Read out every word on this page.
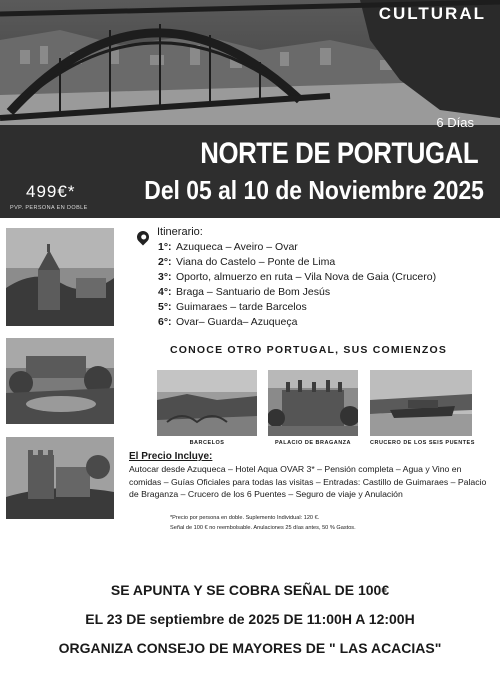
CULTURAL
6 Días
NORTE DE PORTUGAL
Del 05 al 10 de Noviembre 2025
499€*
PVP. PERSONA EN DOBLE
Itinerario:
1°: Azuqueca – Aveiro – Ovar
2°: Viana do Castelo – Ponte de Lima
3°: Oporto, almuerzo en ruta – Vila Nova de Gaia (Crucero)
4°: Braga – Santuario de Bom Jesús
5°: Guimaraes – tarde Barcelos
6°: Ovar– Guarda– Azuqueça
CONOCE OTRO PORTUGAL, SUS COMIENZOS
BARCELOS	PALACIO DE BRAGANZA	CRUCERO DE LOS SEIS PUENTES
El Precio Incluye:
Autocar desde Azuqueca – Hotel Aqua OVAR 3* – Pensión completa – Agua y Vino en comidas – Guías Oficiales para todas las visitas – Entradas: Castillo de Guimaraes – Palacio de Braganza – Crucero de los 6 Puentes – Seguro de viaje y Anulación
*Precio por persona en doble. Suplemento Individual: 120 €.
Señal de 100 € no reembolsable. Anulaciones 25 días antes, 50 % Gastos.
SE APUNTA Y SE COBRA SEÑAL DE 100€
EL 23 DE septiembre de 2025 DE 11:00H A 12:00H
ORGANIZA CONSEJO DE MAYORES DE " LAS ACACIAS"
